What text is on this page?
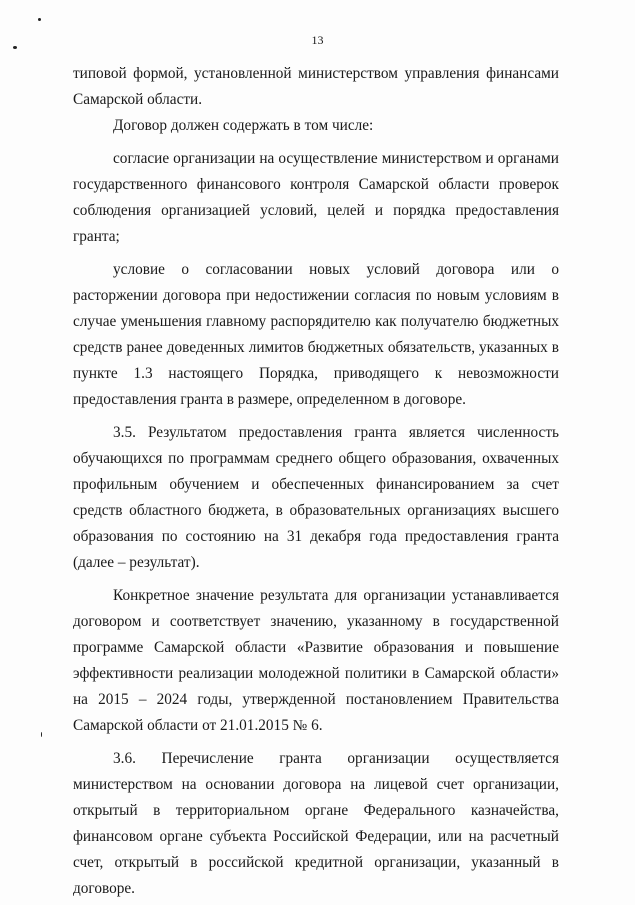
13

типовой формой, установленной министерством управления финансами Самарской области.

Договор должен содержать в том числе:

согласие организации на осуществление министерством и органами государственного финансового контроля Самарской области проверок соблюдения организацией условий, целей и порядка предоставления гранта;

условие о согласовании новых условий договора или о расторжении договора при недостижении согласия по новым условиям в случае уменьшения главному распорядителю как получателю бюджетных средств ранее доведенных лимитов бюджетных обязательств, указанных в пункте 1.3 настоящего Порядка, приводящего к невозможности предоставления гранта в размере, определенном в договоре.

3.5. Результатом предоставления гранта является численность обучающихся по программам среднего общего образования, охваченных профильным обучением и обеспеченных финансированием за счет средств областного бюджета, в образовательных организациях высшего образования по состоянию на 31 декабря года предоставления гранта (далее – результат).

Конкретное значение результата для организации устанавливается договором и соответствует значению, указанному в государственной программе Самарской области «Развитие образования и повышение эффективности реализации молодежной политики в Самарской области» на 2015 – 2024 годы, утвержденной постановлением Правительства Самарской области от 21.01.2015 № 6.

3.6. Перечисление гранта организации осуществляется министерством на основании договора на лицевой счет организации, открытый в территориальном органе Федерального казначейства, финансовом органе субъекта Российской Федерации, или на расчетный счет, открытый в российской кредитной организации, указанный в договоре.
